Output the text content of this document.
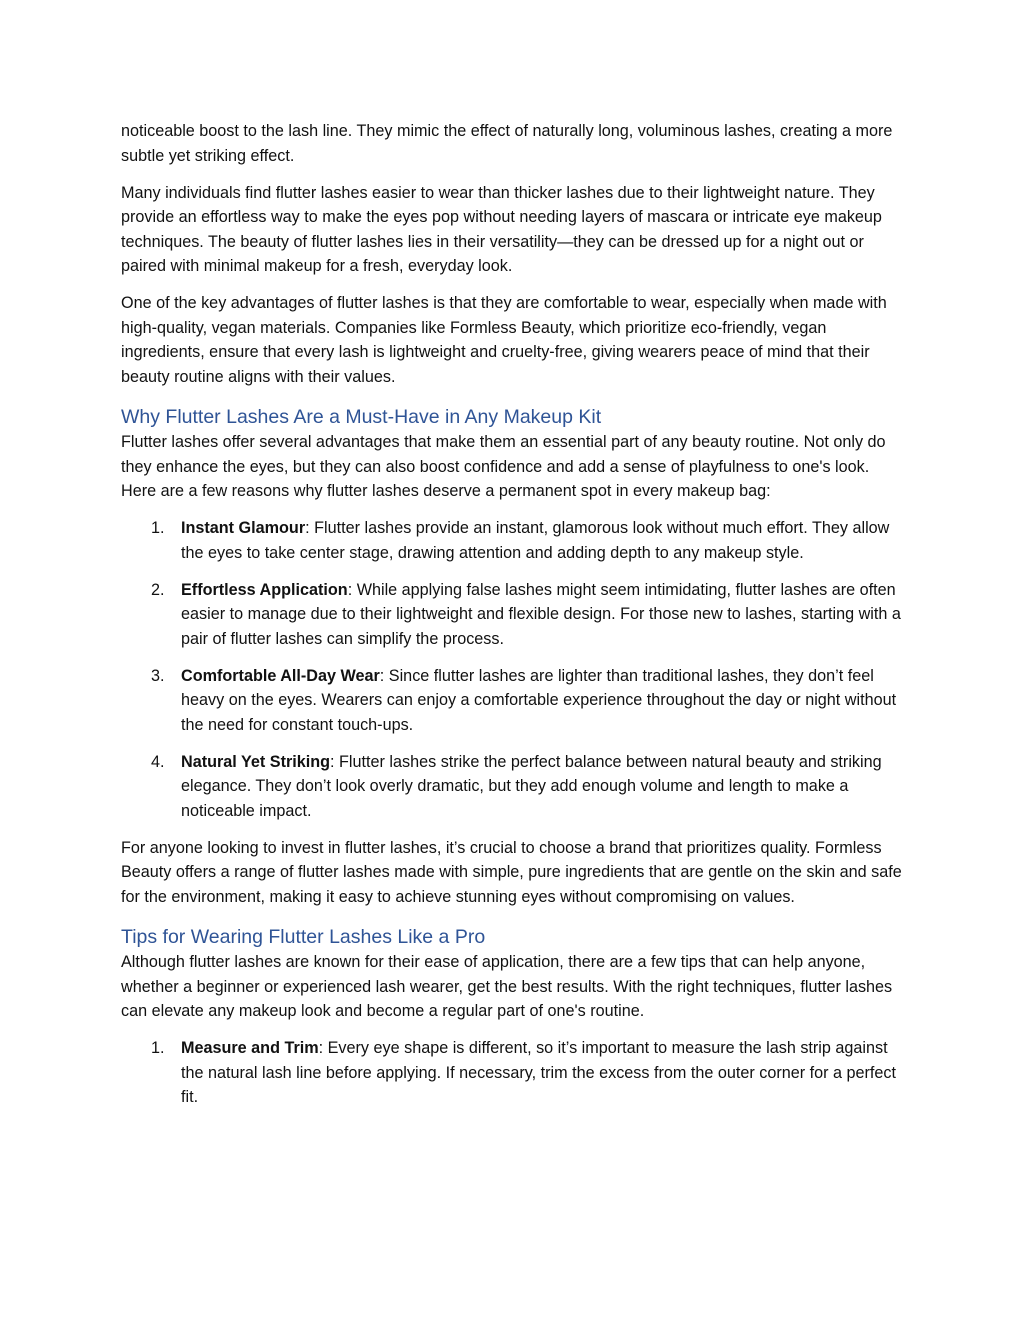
noticeable boost to the lash line. They mimic the effect of naturally long, voluminous lashes, creating a more subtle yet striking effect.

Many individuals find flutter lashes easier to wear than thicker lashes due to their lightweight nature. They provide an effortless way to make the eyes pop without needing layers of mascara or intricate eye makeup techniques. The beauty of flutter lashes lies in their versatility—they can be dressed up for a night out or paired with minimal makeup for a fresh, everyday look.

One of the key advantages of flutter lashes is that they are comfortable to wear, especially when made with high-quality, vegan materials. Companies like Formless Beauty, which prioritize eco-friendly, vegan ingredients, ensure that every lash is lightweight and cruelty-free, giving wearers peace of mind that their beauty routine aligns with their values.

Why Flutter Lashes Are a Must-Have in Any Makeup Kit

Flutter lashes offer several advantages that make them an essential part of any beauty routine. Not only do they enhance the eyes, but they can also boost confidence and add a sense of playfulness to one's look. Here are a few reasons why flutter lashes deserve a permanent spot in every makeup bag:

1. Instant Glamour: Flutter lashes provide an instant, glamorous look without much effort. They allow the eyes to take center stage, drawing attention and adding depth to any makeup style.
2. Effortless Application: While applying false lashes might seem intimidating, flutter lashes are often easier to manage due to their lightweight and flexible design. For those new to lashes, starting with a pair of flutter lashes can simplify the process.
3. Comfortable All-Day Wear: Since flutter lashes are lighter than traditional lashes, they don’t feel heavy on the eyes. Wearers can enjoy a comfortable experience throughout the day or night without the need for constant touch-ups.
4. Natural Yet Striking: Flutter lashes strike the perfect balance between natural beauty and striking elegance. They don’t look overly dramatic, but they add enough volume and length to make a noticeable impact.

For anyone looking to invest in flutter lashes, it’s crucial to choose a brand that prioritizes quality. Formless Beauty offers a range of flutter lashes made with simple, pure ingredients that are gentle on the skin and safe for the environment, making it easy to achieve stunning eyes without compromising on values.

Tips for Wearing Flutter Lashes Like a Pro

Although flutter lashes are known for their ease of application, there are a few tips that can help anyone, whether a beginner or experienced lash wearer, get the best results. With the right techniques, flutter lashes can elevate any makeup look and become a regular part of one's routine.

1. Measure and Trim: Every eye shape is different, so it’s important to measure the lash strip against the natural lash line before applying. If necessary, trim the excess from the outer corner for a perfect fit.
